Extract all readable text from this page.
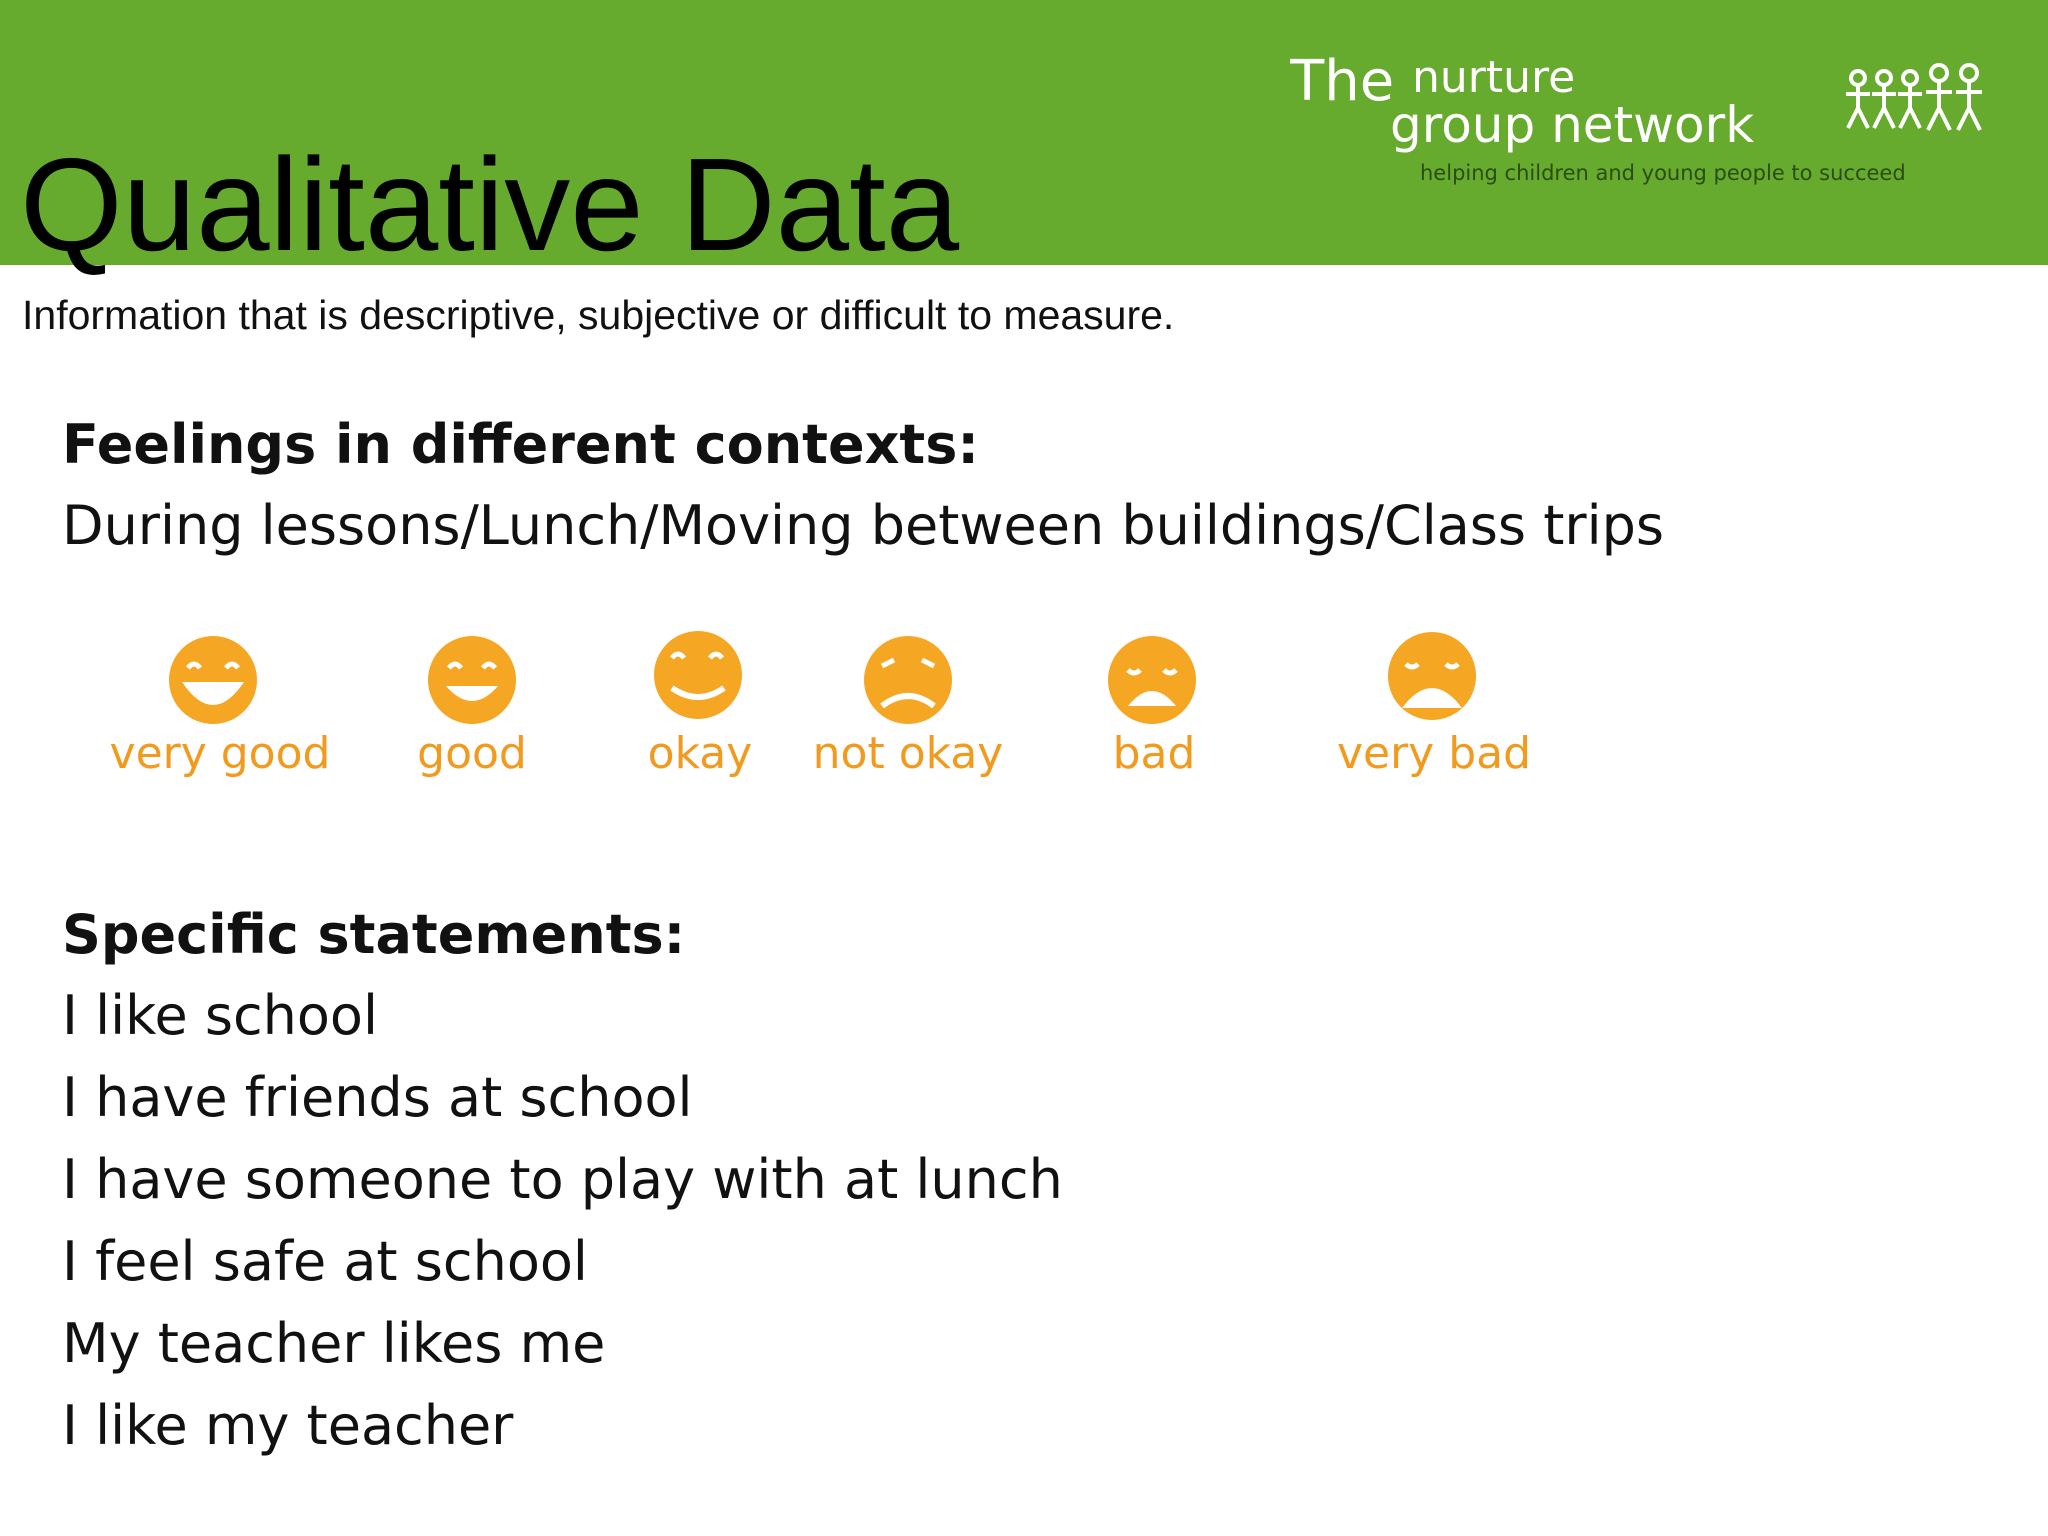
Qualitative Data
The nurture
group network
helping children and young people to succeed
Information that is descriptive, subjective or difficult to measure.
Feelings in different contexts:
During lessons/Lunch/Moving between buildings/Class trips
very good	good	okay	not okay	bad	very bad
Specific statements:
I like school
I have friends at school
I have someone to play with at lunch
I feel safe at school
My teacher likes me
I like my teacher
